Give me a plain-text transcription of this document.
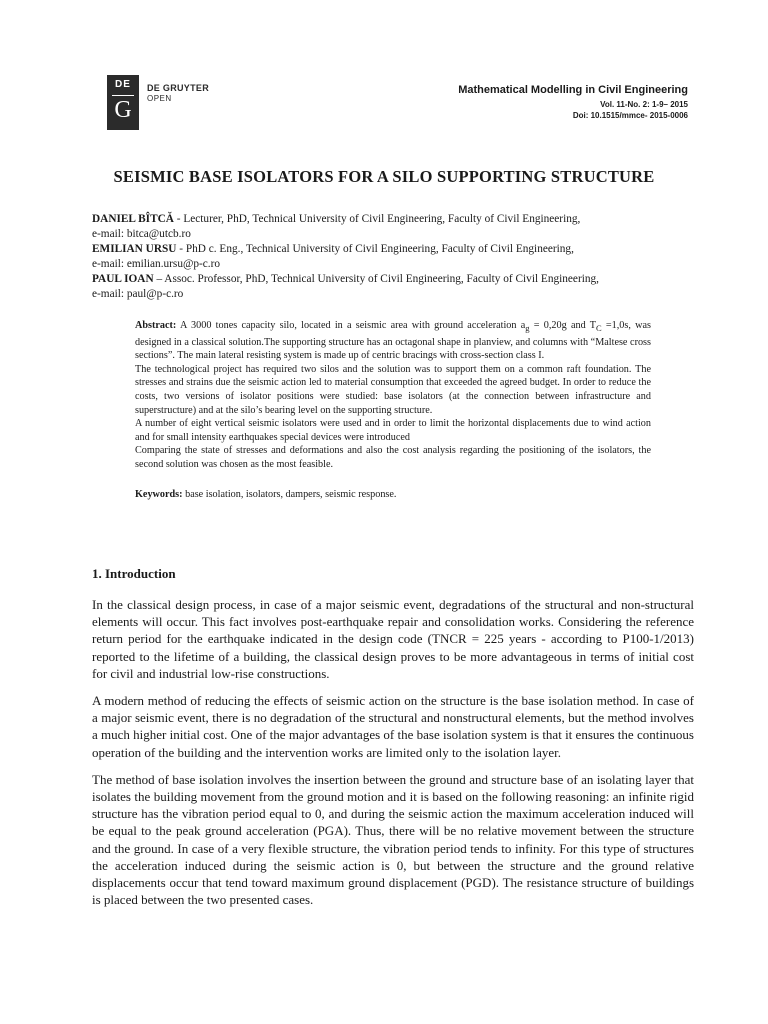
DE
G
DE GRUYTER
OPEN
Mathematical Modelling in Civil Engineering
Vol. 11-No. 2: 1-9– 2015
Doi: 10.1515/mmce- 2015-0006
SEISMIC BASE ISOLATORS FOR A SILO SUPPORTING STRUCTURE
DANIEL BÎTCĂ - Lecturer, PhD, Technical University of Civil Engineering, Faculty of Civil Engineering,
e-mail: bitca@utcb.ro
EMILIAN URSU - PhD c. Eng., Technical University of Civil Engineering, Faculty of Civil Engineering,
e-mail: emilian.ursu@p-c.ro
PAUL IOAN – Assoc. Professor, PhD, Technical University of Civil Engineering, Faculty of Civil Engineering,
e-mail: paul@p-c.ro

Abstract: A 3000 tones capacity silo, located in a seismic area with ground acceleration $a_g = 0,20g$ and $T_C =1,0s$, was designed in a classical solution.The supporting structure has an octagonal shape in planview, and columns with “Maltese cross sections”. The main lateral resisting system is made up of centric bracings with cross-section class I.

The technological project has required two silos and the solution was to support them on a common raft foundation. The stresses and strains due the seismic action led to material consumption that exceeded the agreed budget. In order to reduce the costs, two versions of isolator positions were studied: base isolators (at the connection between infrastructure and superstructure) and at the silo’s bearing level on the supporting structure.

A number of eight vertical seismic isolators were used and in order to limit the horizontal displacements due to wind action and for small intensity earthquakes special devices were introduced

Comparing the state of stresses and deformations and also the cost analysis regarding the positioning of the isolators, the second solution was chosen as the most feasible.

Keywords: base isolation, isolators, dampers, seismic response.

1. Introduction

In the classical design process, in case of a major seismic event, degradations of the structural and non-structural elements will occur. This fact involves post-earthquake repair and consolidation works. Considering the reference return period for the earthquake indicated in the design code (TNCR = 225 years - according to P100-1/2013) reported to the lifetime of a building, the classical design proves to be more advantageous in terms of initial cost for civil and industrial low-rise constructions.

A modern method of reducing the effects of seismic action on the structure is the base isolation method. In case of a major seismic event, there is no degradation of the structural and nonstructural elements, but the method involves a much higher initial cost. One of the major advantages of the base isolation system is that it ensures the continuous operation of the building and the intervention works are limited only to the isolation layer.

The method of base isolation involves the insertion between the ground and structure base of an isolating layer that isolates the building movement from the ground motion and it is based on the following reasoning: an infinite rigid structure has the vibration period equal to 0, and during the seismic action the maximum acceleration induced will be equal to the peak ground acceleration (PGA). Thus, there will be no relative movement between the structure and the ground. In case of a very flexible structure, the vibration period tends to infinity. For this type of structures the acceleration induced during the seismic action is 0, but between the structure and the ground relative displacements occur that tend toward maximum ground displacement (PGD). The resistance structure of buildings is placed between the two presented cases.
